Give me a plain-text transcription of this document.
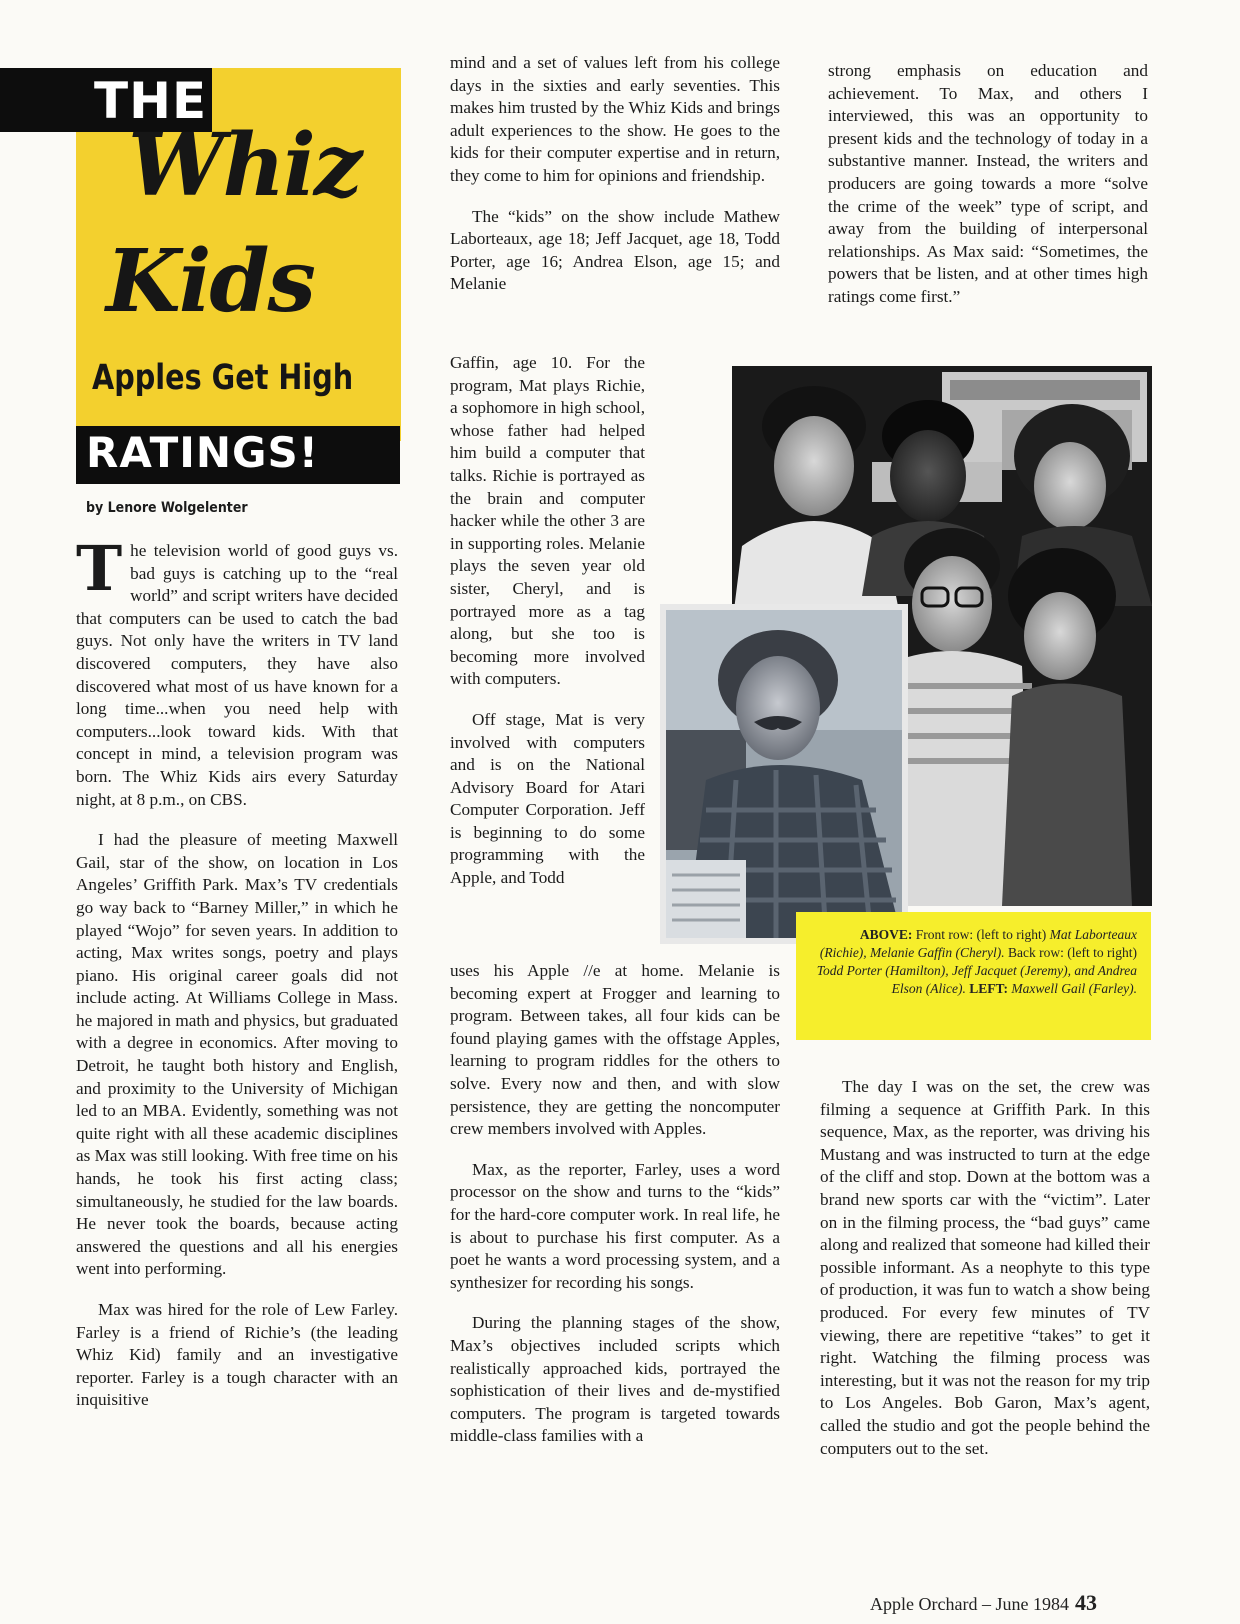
THE
Whiz
Kids
Apples Get High
RATINGS!
by Lenore Wolgelenter

The television world of good guys vs. bad guys is catching up to the “real world” and script writers have decided that computers can be used to catch the bad guys. Not only have the writers in TV land discovered computers, they have also discovered what most of us have known for a long time...when you need help with computers...look toward kids. With that concept in mind, a television program was born. The Whiz Kids airs every Saturday night, at 8 p.m., on CBS.

I had the pleasure of meeting Maxwell Gail, star of the show, on location in Los Angeles’ Griffith Park. Max’s TV credentials go way back to “Barney Miller,” in which he played “Wojo” for seven years. In addition to acting, Max writes songs, poetry and plays piano. His original career goals did not include acting. At Williams College in Mass. he majored in math and physics, but graduated with a degree in economics. After moving to Detroit, he taught both history and English, and proximity to the University of Michigan led to an MBA. Evidently, something was not quite right with all these academic disciplines as Max was still looking. With free time on his hands, he took his first acting class; simultaneously, he studied for the law boards. He never took the boards, because acting answered the questions and all his energies went into performing.

Max was hired for the role of Lew Farley. Farley is a friend of Richie’s (the leading Whiz Kid) family and an investigative reporter. Farley is a tough character with an inquisitive

mind and a set of values left from his college days in the sixties and early seventies. This makes him trusted by the Whiz Kids and brings adult experiences to the show. He goes to the kids for their computer expertise and in return, they come to him for opinions and friendship.

The “kids” on the show include Mathew Laborteaux, age 18; Jeff Jacquet, age 18, Todd Porter, age 16; Andrea Elson, age 15; and Melanie

Gaffin, age 10. For the program, Mat plays Richie, a sophomore in high school, whose father had helped him build a computer that talks. Richie is portrayed as the brain and computer hacker while the other 3 are in supporting roles. Melanie plays the seven year old sister, Cheryl, and is portrayed more as a tag along, but she too is becoming more involved with computers.

Off stage, Mat is very involved with computers and is on the National Advisory Board for Atari Computer Corporation. Jeff is beginning to do some programming with the Apple, and Todd

uses his Apple //e at home. Melanie is becoming expert at Frogger and learning to program. Between takes, all four kids can be found playing games with the offstage Apples, learning to program riddles for the others to solve. Every now and then, and with slow persistence, they are getting the noncomputer crew members involved with Apples.

Max, as the reporter, Farley, uses a word processor on the show and turns to the “kids” for the hard-core computer work. In real life, he is about to purchase his first computer. As a poet he wants a word processing system, and a synthesizer for recording his songs.

During the planning stages of the show, Max’s objectives included scripts which realistically approached kids, portrayed the sophistication of their lives and de-mystified computers. The program is targeted towards middle-class families with a

strong emphasis on education and achievement. To Max, and others I interviewed, this was an opportunity to present kids and the technology of today in a substantive manner. Instead, the writers and producers are going towards a more “solve the crime of the week” type of script, and away from the building of interpersonal relationships. As Max said: “Sometimes, the powers that be listen, and at other times high ratings come first.”

The day I was on the set, the crew was filming a sequence at Griffith Park. In this sequence, Max, as the reporter, was driving his Mustang and was instructed to turn at the edge of the cliff and stop. Down at the bottom was a brand new sports car with the “victim”. Later on in the filming process, the “bad guys” came along and realized that someone had killed their possible informant. As a neophyte to this type of production, it was fun to watch a show being produced. For every few minutes of TV viewing, there are repetitive “takes” to get it right. Watching the filming process was interesting, but it was not the reason for my trip to Los Angeles. Bob Garon, Max’s agent, called the studio and got the people behind the computers out to the set.

ABOVE: Front row: (left to right) Mat Laborteaux (Richie), Melanie Gaffin (Cheryl). Back row: (left to right) Todd Porter (Hamilton), Jeff Jacquet (Jeremy), and Andrea Elson (Alice). LEFT: Maxwell Gail (Farley).
Apple Orchard – June 1984 43
